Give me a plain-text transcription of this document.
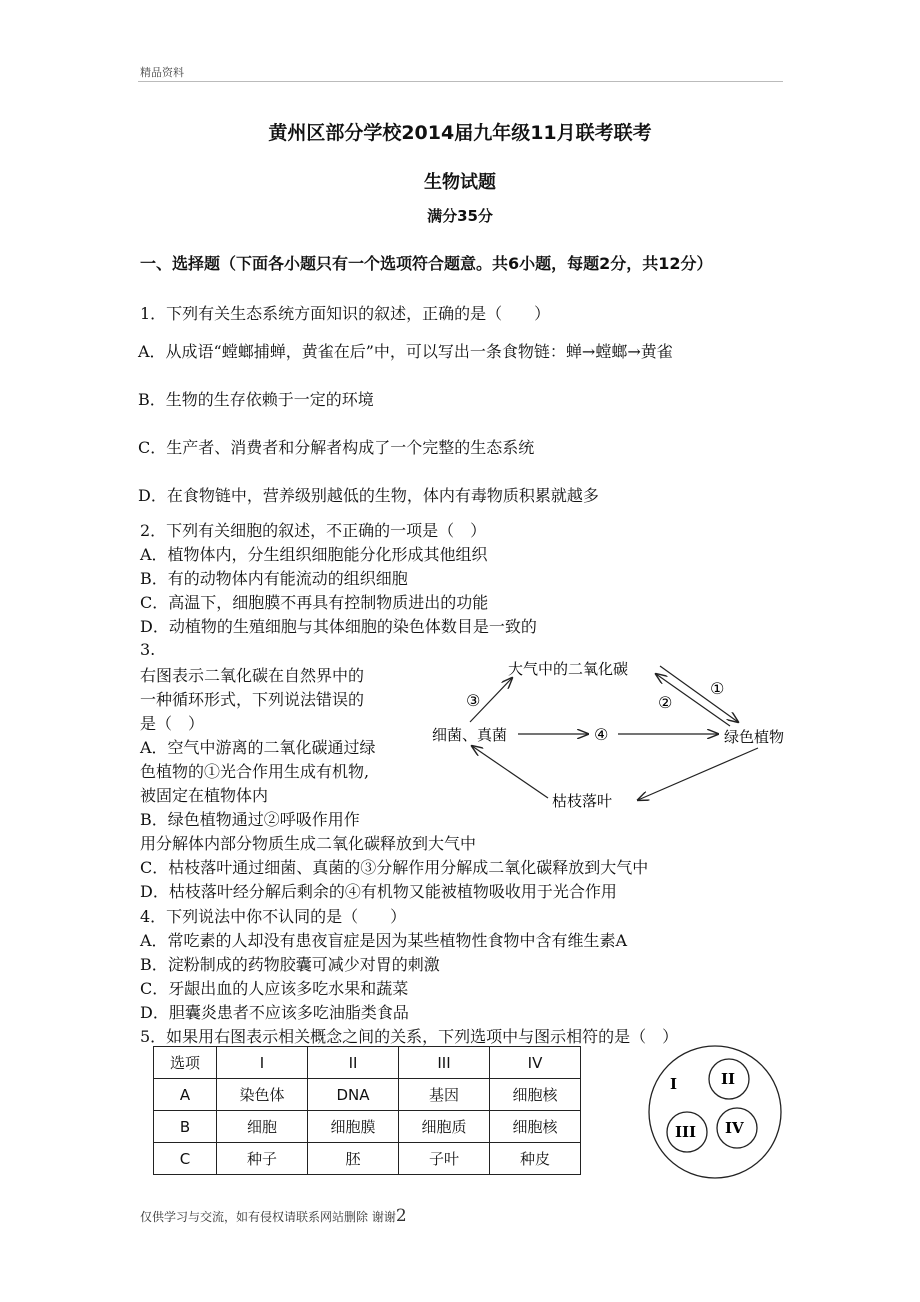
精品资料
黄州区部分学校2014届九年级11月联考联考
生物试题
满分35分
一、选择题（下面各小题只有一个选项符合题意。共6小题，每题2分，共12分）
1．下列有关生态系统方面知识的叙述，正确的是（　　）
A．从成语“螳螂捕蝉，黄雀在后”中，可以写出一条食物链：蝉→螳螂→黄雀
B．生物的生存依赖于一定的环境
C．生产者、消费者和分解者构成了一个完整的生态系统
D．在食物链中，营养级别越低的生物，体内有毒物质积累就越多
2．下列有关细胞的叙述，不正确的一项是（　）
A．植物体内，分生组织细胞能分化形成其他组织
B．有的动物体内有能流动的组织细胞
C．高温下，细胞膜不再具有控制物质进出的功能
D．动植物的生殖细胞与其体细胞的染色体数目是一致的
3.
右图表示二氧化碳在自然界中的
一种循环形式，下列说法错误的
是（　）
A．空气中游离的二氧化碳通过绿
色植物的①光合作用生成有机物,
被固定在植物体内
B．绿色植物通过②呼吸作用作
用分解体内部分物质生成二氧化碳释放到大气中
C．枯枝落叶通过细菌、真菌的③分解作用分解成二氧化碳释放到大气中
D．枯枝落叶经分解后剩余的④有机物又能被植物吸收用于光合作用
大气中的二氧化碳
细菌、真菌	绿色植物
枯枝落叶
④
③
①
②
4．下列说法中你不认同的是（　　）
A．常吃素的人却没有患夜盲症是因为某些植物性食物中含有维生素A
B．淀粉制成的药物胶囊可减少对胃的刺激
C．牙龈出血的人应该多吃水果和蔬菜
D．胆囊炎患者不应该多吃油脂类食品
5．如果用右图表示相关概念之间的关系，下列选项中与图示相符的是（　）
选项	I	II	III	IV
A	染色体	DNA	基因	细胞核
B	细胞	细胞膜	细胞质	细胞核
C	种子	胚	子叶	种皮
I	II
III IV
仅供学习与交流，如有侵权请联系网站删除 谢谢2
